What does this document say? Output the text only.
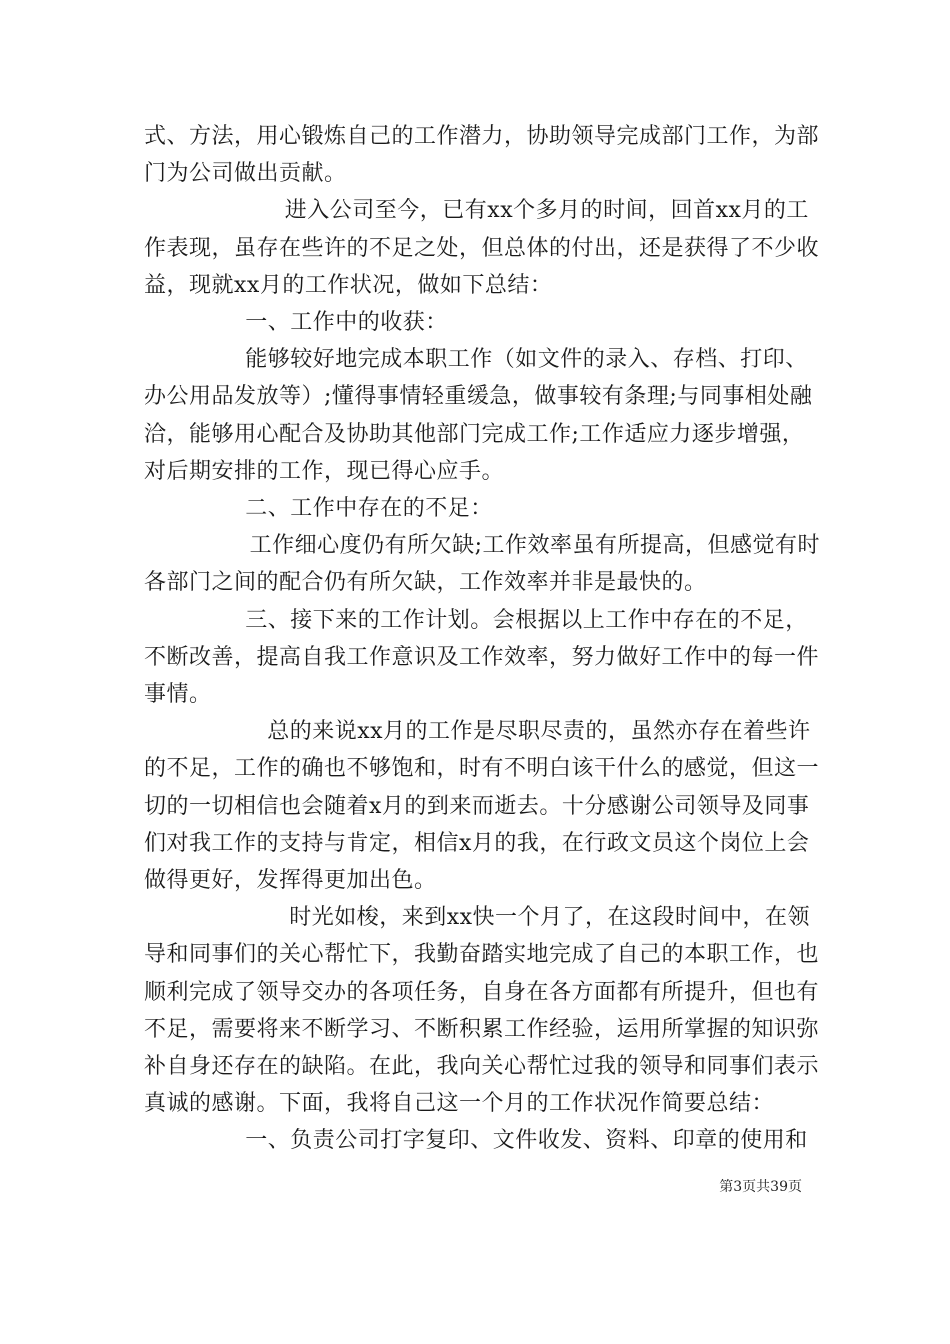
式、方法，用心锻炼自己的工作潜力，协助领导完成部门工作，为部门为公司做出贡献。

进入公司至今，已有xx个多月的时间，回首xx月的工作表现，虽存在些许的不足之处，但总体的付出，还是获得了不少收益，现就xx月的工作状况，做如下总结：

一、工作中的收获：

能够较好地完成本职工作（如文件的录入、存档、打印、办公用品发放等）;懂得事情轻重缓急，做事较有条理;与同事相处融洽，能够用心配合及协助其他部门完成工作;工作适应力逐步增强，对后期安排的工作，现已得心应手。

二、工作中存在的不足：

工作细心度仍有所欠缺;工作效率虽有所提高，但感觉有时各部门之间的配合仍有所欠缺，工作效率并非是最快的。

三、接下来的工作计划。会根据以上工作中存在的不足，不断改善，提高自我工作意识及工作效率，努力做好工作中的每一件事情。

总的来说xx月的工作是尽职尽责的，虽然亦存在着些许的不足，工作的确也不够饱和，时有不明白该干什么的感觉，但这一切的一切相信也会随着x月的到来而逝去。十分感谢公司领导及同事们对我工作的支持与肯定，相信x月的我，在行政文员这个岗位上会做得更好，发挥得更加出色。

时光如梭，来到xx快一个月了，在这段时间中，在领导和同事们的关心帮忙下，我勤奋踏实地完成了自己的本职工作，也顺利完成了领导交办的各项任务，自身在各方面都有所提升，但也有不足，需要将来不断学习、不断积累工作经验，运用所掌握的知识弥补自身还存在的缺陷。在此，我向关心帮忙过我的领导和同事们表示真诚的感谢。下面，我将自己这一个月的工作状况作简要总结：

一、负责公司打字复印、文件收发、资料、印章的使用和

第3页共39页
